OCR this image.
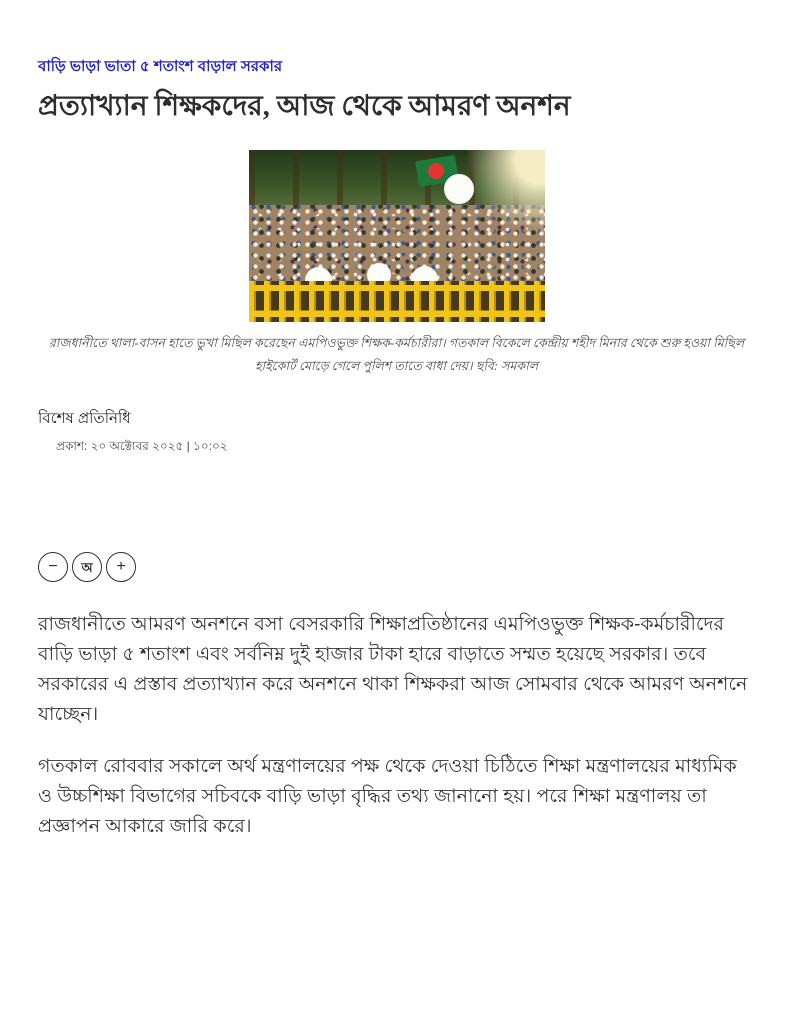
বাড়ি ভাড়া ভাতা ৫ শতাংশ বাড়াল সরকার
প্রত্যাখ্যান শিক্ষকদের, আজ থেকে আমরণ অনশন
রাজধানীতে থালা-বাসন হাতে ভুখা মিছিল করেছেন এমপিওভুক্ত শিক্ষক-কর্মচারীরা। গতকাল বিকেলে কেন্দ্রীয় শহীদ মিনার থেকে শুরু হওয়া মিছিল হাইকোর্ট মোড়ে গেলে পুলিশ তাতে বাধা দেয়। ছবি: সমকাল
বিশেষ প্রতিনিধি
প্রকাশ: ২০ অক্টোবর ২০২৫ | ১০:০২
− অ +

রাজধানীতে আমরণ অনশনে বসা বেসরকারি শিক্ষাপ্রতিষ্ঠানের এমপিওভুক্ত শিক্ষক-কর্মচারীদের বাড়ি ভাড়া ৫ শতাংশ এবং সর্বনিম্ন দুই হাজার টাকা হারে বাড়াতে সম্মত হয়েছে সরকার। তবে সরকারের এ প্রস্তাব প্রত্যাখ্যান করে অনশনে থাকা শিক্ষকরা আজ সোমবার থেকে আমরণ অনশনে যাচ্ছেন।

গতকাল রোববার সকালে অর্থ মন্ত্রণালয়ের পক্ষ থেকে দেওয়া চিঠিতে শিক্ষা মন্ত্রণালয়ের মাধ্যমিক ও উচ্চশিক্ষা বিভাগের সচিবকে বাড়ি ভাড়া বৃদ্ধির তথ্য জানানো হয়। পরে শিক্ষা মন্ত্রণালয় তা প্রজ্ঞাপন আকারে জারি করে।
